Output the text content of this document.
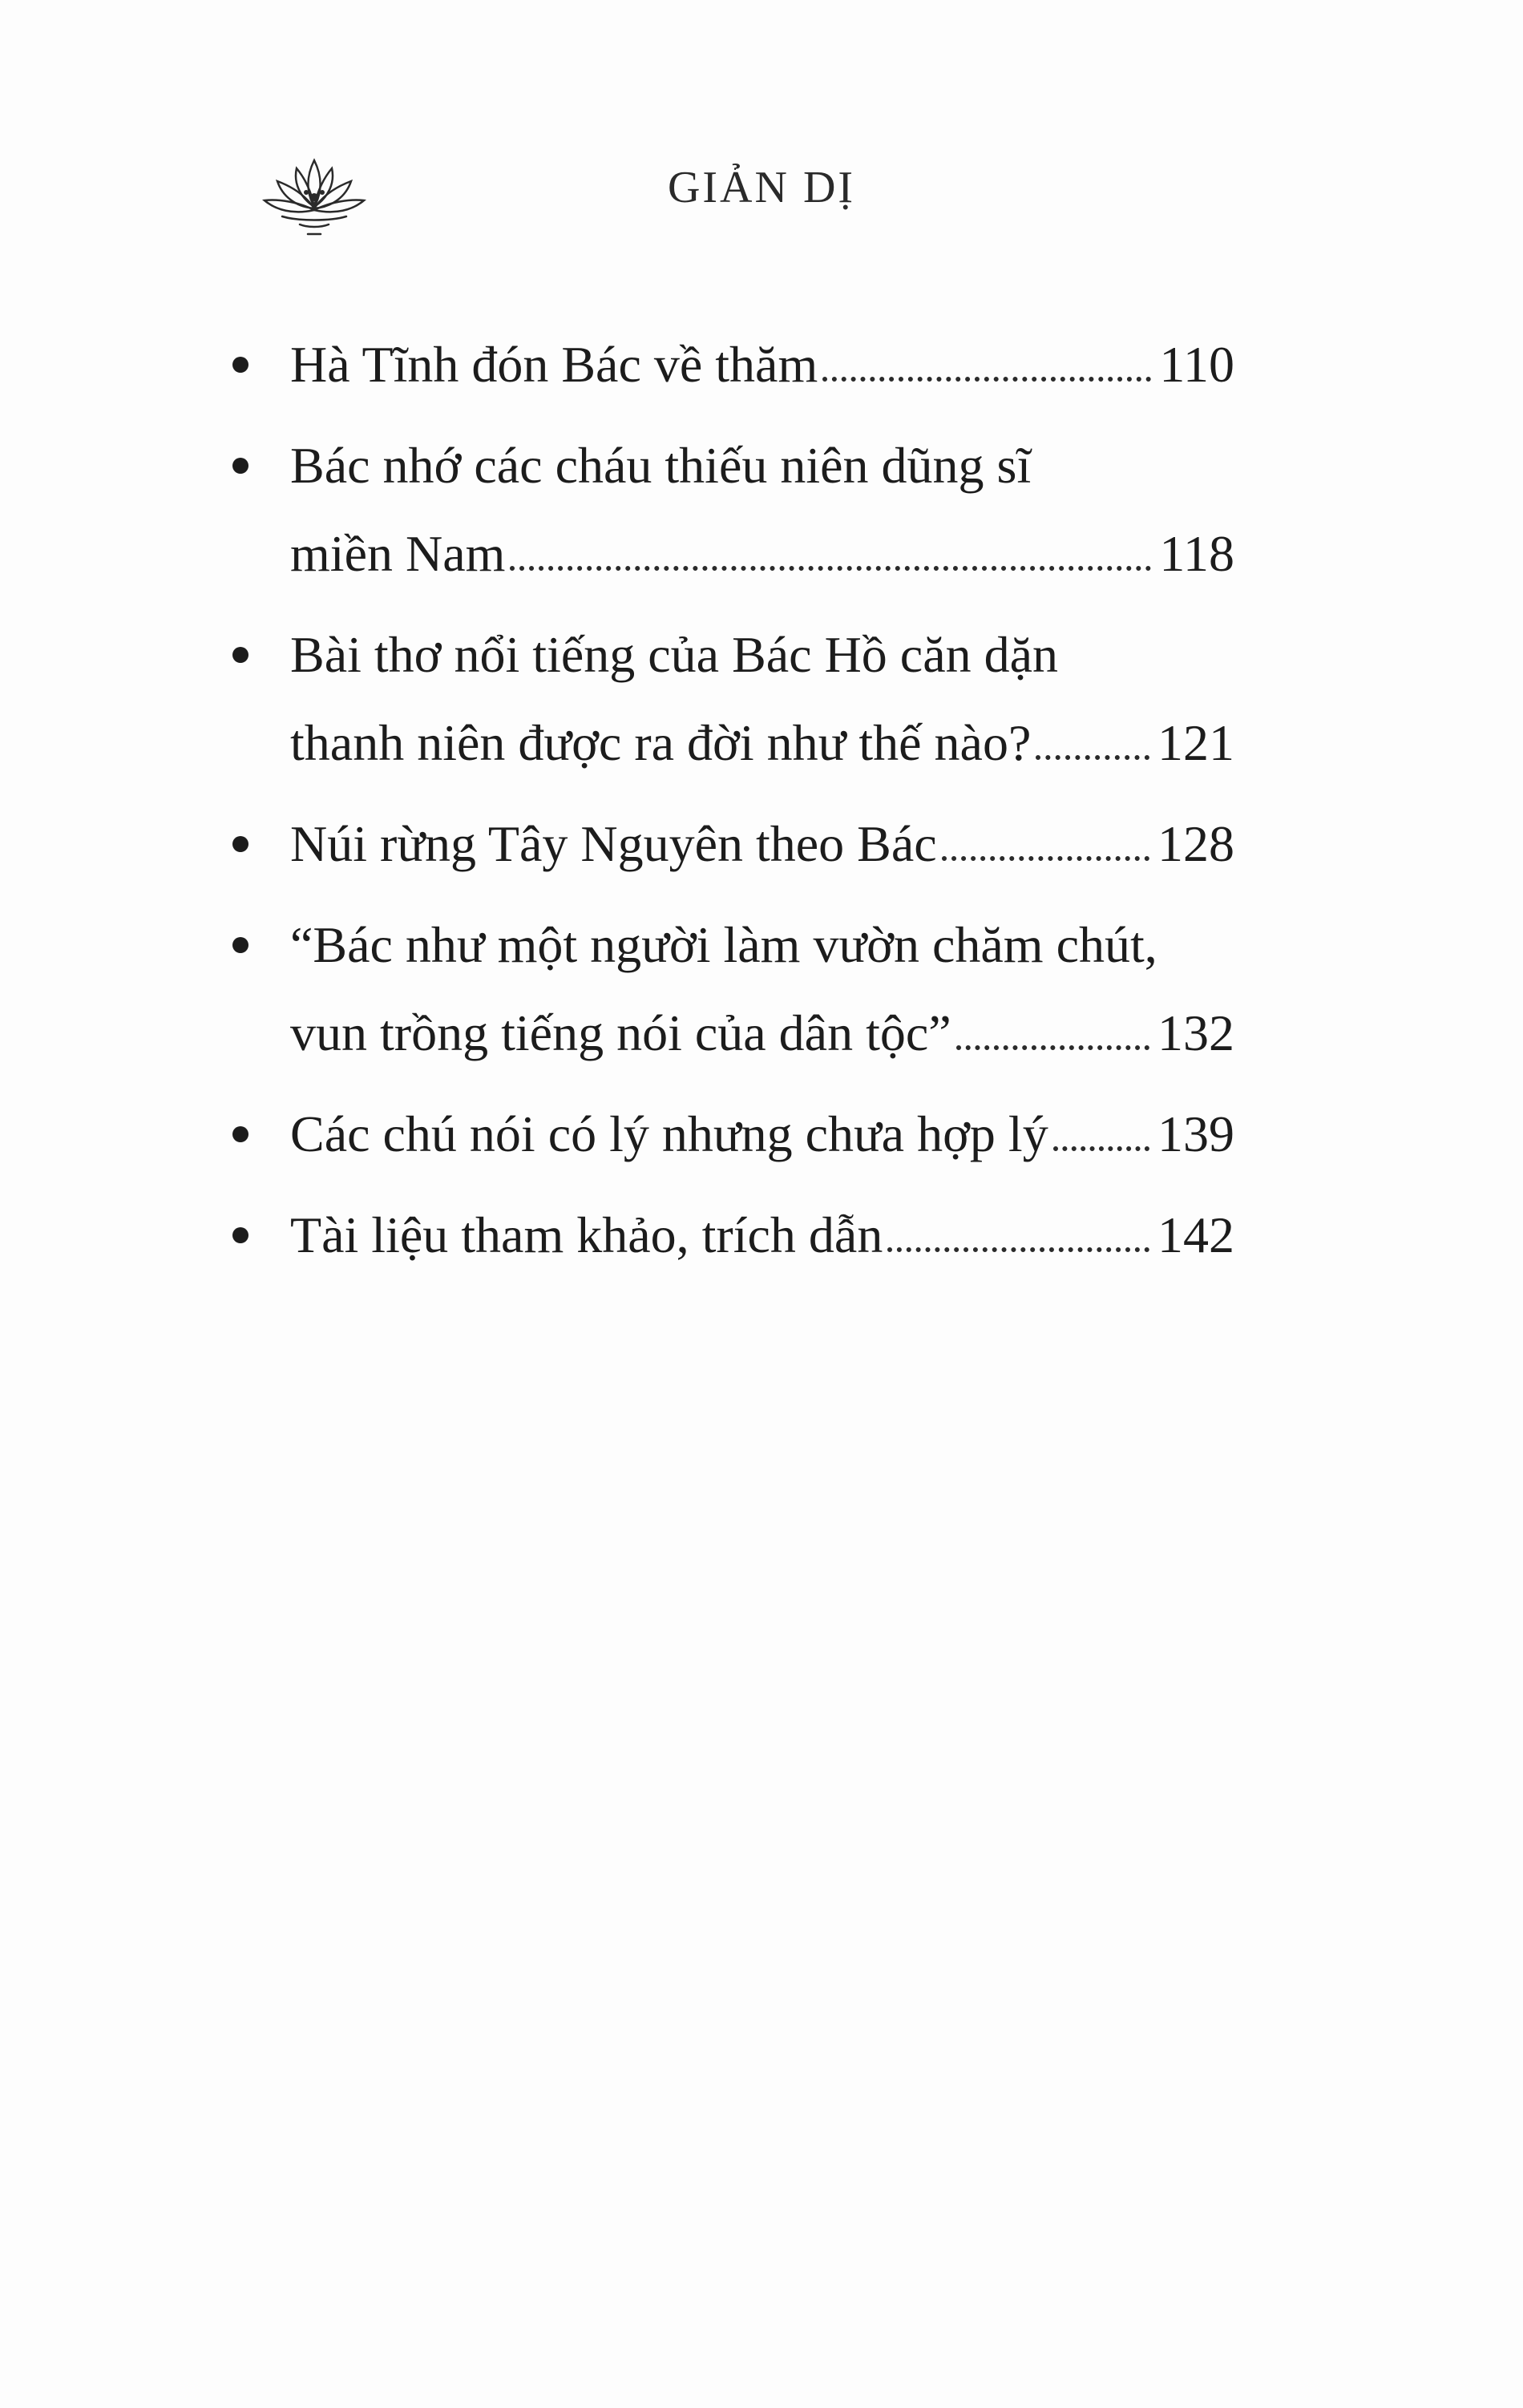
GIẢN DỊ
Hà Tĩnh đón Bác về thăm	110
Bác nhớ các cháu thiếu niên dũng sĩ
miền Nam	118
Bài thơ nổi tiếng của Bác Hồ căn dặn
thanh niên được ra đời như thế nào? 121
Núi rừng Tây Nguyên theo Bác	128
“Bác như một người làm vườn chăm chút,
vun trồng tiếng nói của dân tộc”	132
Các chú nói có lý nhưng chưa hợp lý 139
Tài liệu tham khảo, trích dẫn	142
